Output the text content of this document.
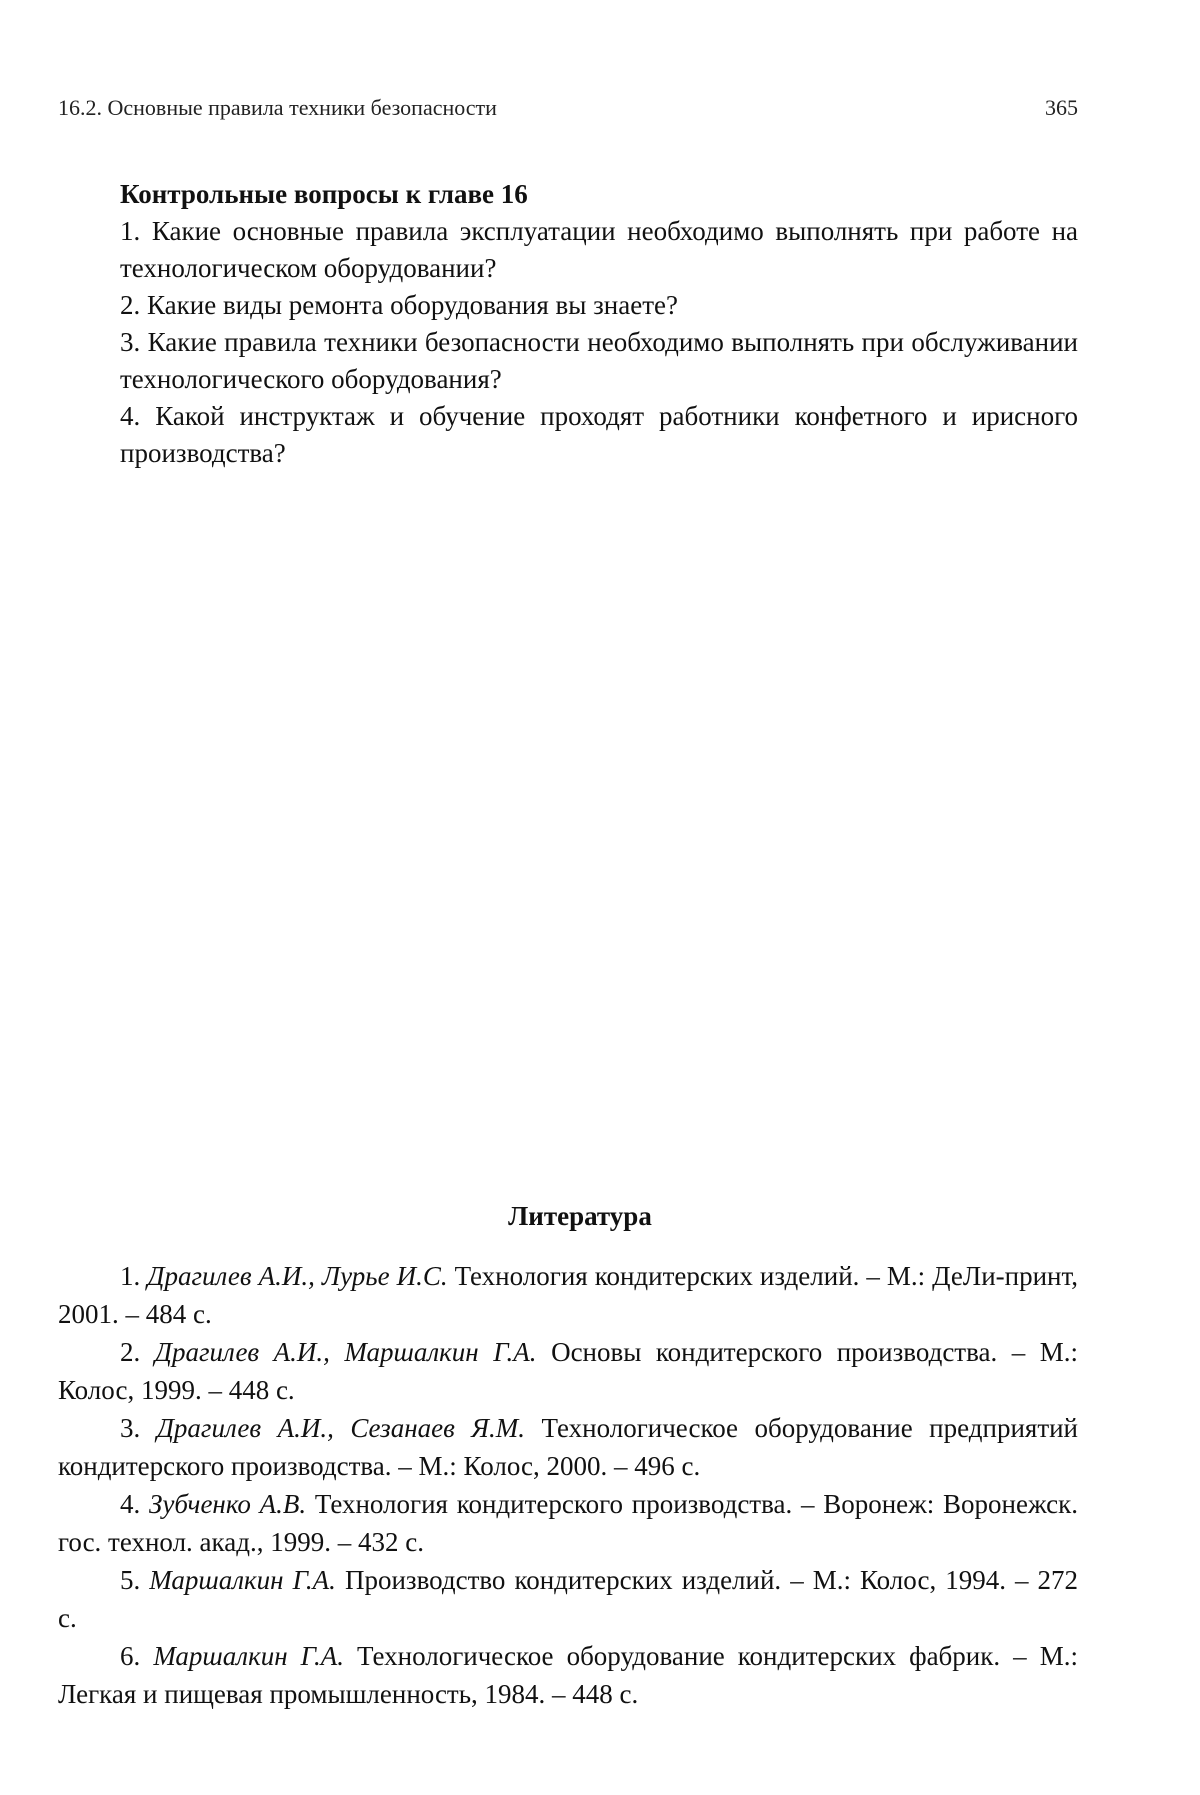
16.2. Основные правила техники безопасности	365
Контрольные вопросы к главе 16

1. Какие основные правила эксплуатации необходимо выполнять при работе на технологическом оборудовании?

2. Какие виды ремонта оборудования вы знаете?

3. Какие правила техники безопасности необходимо выполнять при обслуживании технологического оборудования?

4. Какой инструктаж и обучение проходят работники конфетного и ирисного производства?

Литература

1. Драгилев А.И., Лурье И.С. Технология кондитерских изделий. – М.: ДеЛи-принт, 2001. – 484 с.

2. Драгилев А.И., Маршалкин Г.А. Основы кондитерского производства. – М.: Колос, 1999. – 448 с.

3. Драгилев А.И., Сезанаев Я.М. Технологическое оборудование предприятий кондитерского производства. – М.: Колос, 2000. – 496 с.

4. Зубченко А.В. Технология кондитерского производства. – Воронеж: Воронежск. гос. технол. акад., 1999. – 432 с.

5. Маршалкин Г.А. Производство кондитерских изделий. – М.: Колос, 1994. – 272 с.

6. Маршалкин Г.А. Технологическое оборудование кондитерских фабрик. – М.: Легкая и пищевая промышленность, 1984. – 448 с.
